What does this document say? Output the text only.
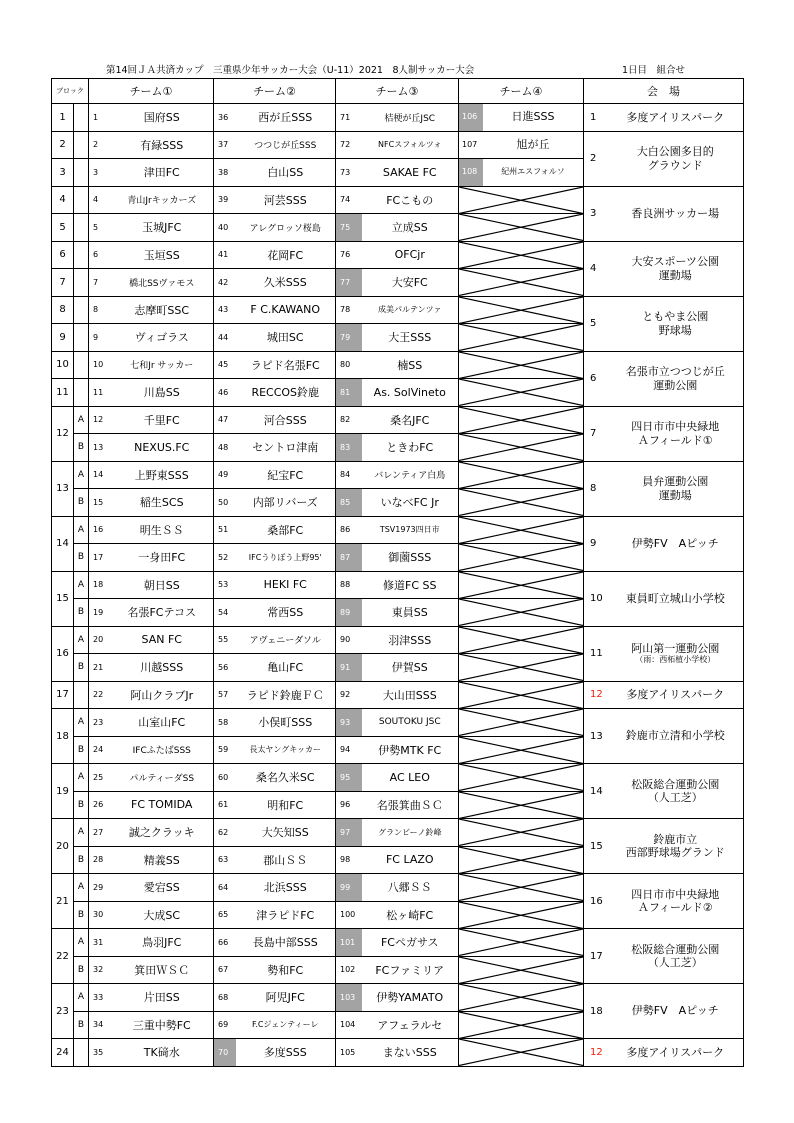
第14回ＪＡ共済カップ　三重県少年サッカー大会（U-11）2021　8人制サッカー大会	1日目　組合せ
ブロック		チーム①		チーム②		チーム③		チーム④	会　場	
1		1	国府SS	36	西が丘SSS	71	桔梗が丘JSC	106 日進SSS	1	多度アイリスパーク

2		2	有緑SSS	37	つつじが丘SSS	72	NFCスフォルツォ	107 旭が丘	2	大白公園多目的
グラウンド

3		3	津田FC	38	白山SS	73	SAKAE FC	108 紀州エスフォルソ		
4		4	青山Jrキッカーズ	39	河芸SSS	74	FCこもの		3	香良洲サッカー場

5		5	玉城JFC	40	アレグロッソ桜島	75	立成SS	

6		6	玉垣SS	41	花岡FC	76	OFCjr		4	大安スポーツ公園
運動場

7		7	橋北SSヴァモス	42	久米SSS	77	大安FC	

8		8	志摩町SSC	43	F C.KAWANO	78	成美パルテンツァ		5	ともやま公園
野球場

9		9	ヴィゴラス	44	城田SC	79	大王SSS	

10		10	七和Jr サッカー	45	ラピド名張FC	80	楠SS		6	名張市立つつじが丘
運動公園

11		11	川島SS	46	RECCOS鈴鹿	81	As. SolVineto	

12	A	12	千里FC	47	河合SSS	82	桑名JFC		7	四日市市中央緑地
Ａフィールド①

	B	13	NEXUS.FC	48	セントロ津南	83	ときわFC	

13	A	14	上野東SSS	49	紀宝FC	84	バレンティア白鳥		8	員弁運動公園
運動場

	B	15	稲生SCS	50	内部リバーズ	85	いなべFC Jr	

14	A	16	明生ＳＳ	51	桑部FC	86	TSV1973四日市		9	伊勢FV　Aピッチ

	B	17	一身田FC	52	IFCうりぼう上野95'	87	御薗SSS	

15	A	18	朝日SS	53	HEKI FC	88	修道FC SS		10	東員町立城山小学校

	B	19	名張FCテコス	54	常西SS	89	東員SS	

16	A	20	SAN FC	55	アヴェニーダソル	90	羽津SSS		11	阿山第一運動公園
（雨：西柘植小学校）

	B	21	川越SSS	56	亀山FC	91	伊賀SS	

17		22	阿山クラブJr	57	ラピド鈴鹿ＦＣ	92	大山田SSS		12	多度アイリスパーク

18	A	23	山室山FC	58	小俣町SSS	93	SOUTOKU JSC		13	鈴鹿市立清和小学校

	B	24	IFCふたばSSS	59	長太ヤングキッカー	94	伊勢MTK FC	

19	A	25	パルティーダSS	60	桑名久米SC	95	AC LEO		14	松阪総合運動公園
（人工芝）

	B	26	FC TOMIDA	61	明和FC	96	名張箕曲ＳＣ	

20	A	27	誠之クラッキ	62	大矢知SS	97	グランビーノ鈴峰		15	鈴鹿市立
西部野球場グランド

	B	28	精義SS	63	郡山ＳＳ	98	FC LAZO	

21	A	29	愛宕SS	64	北浜SSS	99	八郷ＳＳ		16	四日市市中央緑地
Ａフィールド②

	B	30	大成SC	65	津ラピドFC	100	松ヶ崎FC	

22	A	31	鳥羽JFC	66	長島中部SSS	101	FCペガサス		17	松阪総合運動公園
（人工芝）

	B	32	箕田ＷＳＣ	67	勢和FC	102	FCファミリア	

23	A	33	片田SS	68	阿児JFC	103	伊勢YAMATO		18	伊勢FV　Aピッチ

	B	34	三重中勢FC	69	F.Cジェンティーレ	104	アフェラルセ	

24		35	TK𥔎水	70	多度SSS	105	まないSSS		12	多度アイリスパーク
